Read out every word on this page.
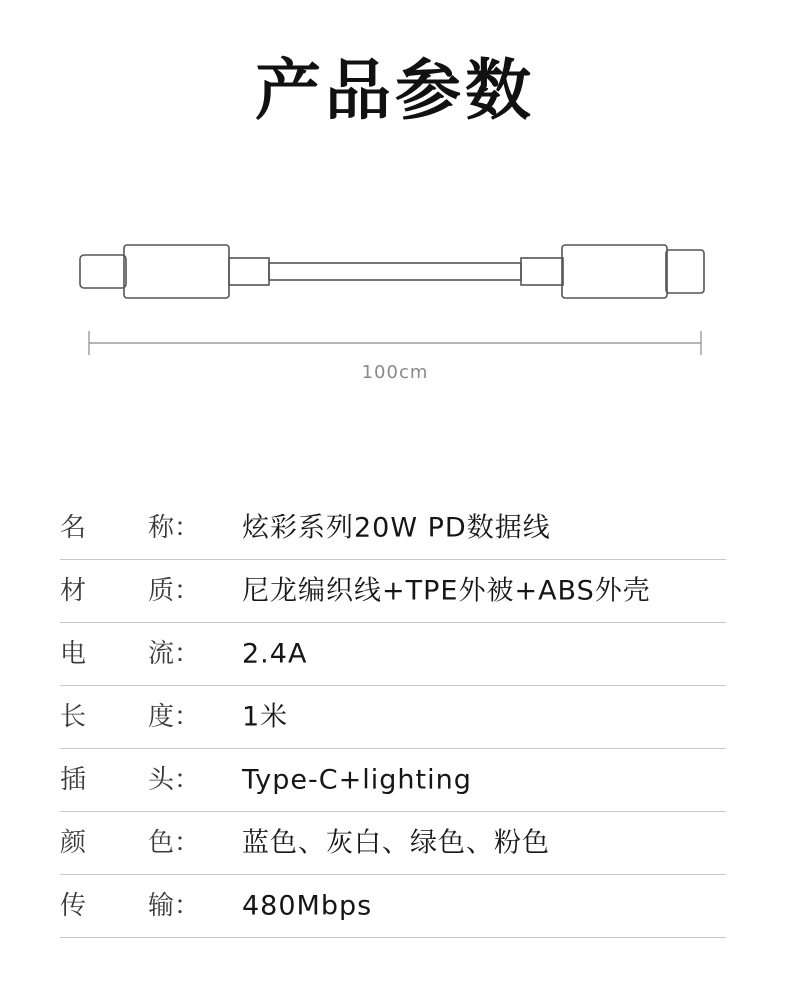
产品参数
100cm
名 称： 炫彩系列20W PD数据线
材 质： 尼龙编织线+TPE外被+ABS外壳
电 流： 2.4A
长 度： 1米
插 头： Type-C+lighting
颜 色： 蓝色、灰白、绿色、粉色
传 输： 480Mbps
